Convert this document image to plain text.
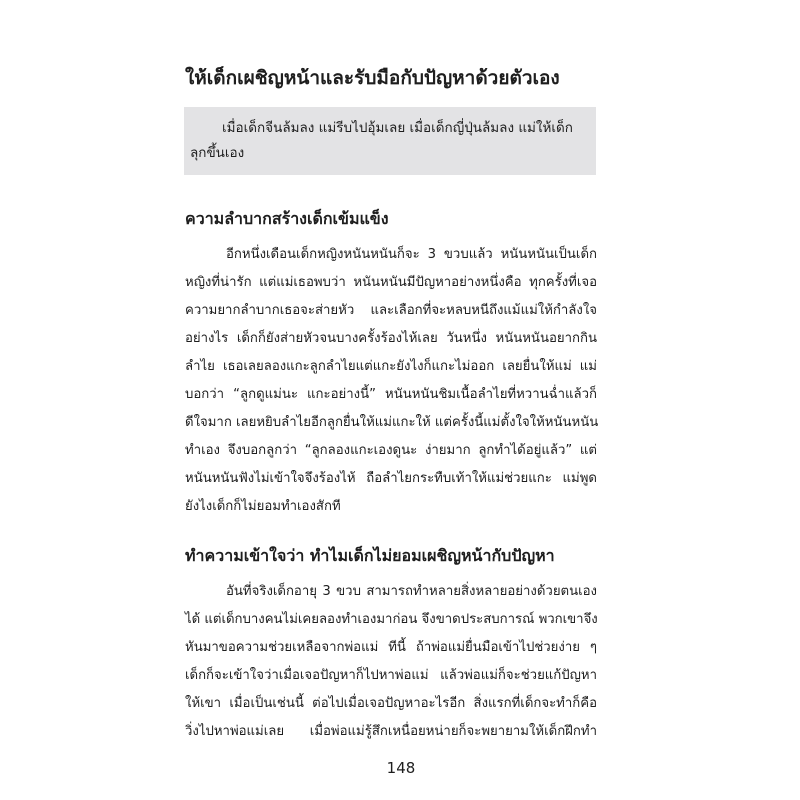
ให้เด็กเผชิญหน้าและรับมือกับปัญหาด้วยตัวเอง
เมื่อเด็กจีนล้มลง แม่รีบไปอุ้มเลย เมื่อเด็กญี่ปุ่นล้มลง แม่ให้เด็ก
ลุกขึ้นเอง
ความลำบากสร้างเด็กเข้มแข็ง
อีกหนึ่งเดือนเด็กหญิงหนันหนันก็จะ 3 ขวบแล้ว หนันหนันเป็นเด็ก
หญิงที่น่ารัก แต่แม่เธอพบว่า หนันหนันมีปัญหาอย่างหนึ่งคือ ทุกครั้งที่เจอ
ความยากลำบากเธอจะส่ายหัว และเลือกที่จะหลบหนีถึงแม้แม่ให้กำลังใจ
อย่างไร เด็กก็ยังส่ายหัวจนบางครั้งร้องไห้เลย วันหนึ่ง หนันหนันอยากกิน
ลำไย เธอเลยลองแกะลูกลำไยแต่แกะยังไงก็แกะไม่ออก เลยยื่นให้แม่ แม่
บอกว่า “ลูกดูแม่นะ แกะอย่างนี้” หนันหนันชิมเนื้อลำไยที่หวานฉ่ำแล้วก็
ดีใจมาก เลยหยิบลำไยอีกลูกยื่นให้แม่แกะให้ แต่ครั้งนี้แม่ตั้งใจให้หนันหนัน
ทำเอง จึงบอกลูกว่า “ลูกลองแกะเองดูนะ ง่ายมาก ลูกทำได้อยู่แล้ว” แต่
หนันหนันฟังไม่เข้าใจจึงร้องไห้ ถือลำไยกระทืบเท้าให้แม่ช่วยแกะ แม่พูด
ยังไงเด็กก็ไม่ยอมทำเองสักที
ทำความเข้าใจว่า ทำไมเด็กไม่ยอมเผชิญหน้ากับปัญหา
อันที่จริงเด็กอายุ 3 ขวบ สามารถทำหลายสิ่งหลายอย่างด้วยตนเอง
ได้ แต่เด็กบางคนไม่เคยลองทำเองมาก่อน จึงขาดประสบการณ์ พวกเขาจึง
หันมาขอความช่วยเหลือจากพ่อแม่ ทีนี้ ถ้าพ่อแม่ยื่นมือเข้าไปช่วยง่าย ๆ
เด็กก็จะเข้าใจว่าเมื่อเจอปัญหาก็ไปหาพ่อแม่ แล้วพ่อแม่ก็จะช่วยแก้ปัญหา
ให้เขา เมื่อเป็นเช่นนี้ ต่อไปเมื่อเจอปัญหาอะไรอีก สิ่งแรกที่เด็กจะทำก็คือ
วิ่งไปหาพ่อแม่เลย เมื่อพ่อแม่รู้สึกเหนื่อยหน่ายก็จะพยายามให้เด็กฝึกทำ
148
